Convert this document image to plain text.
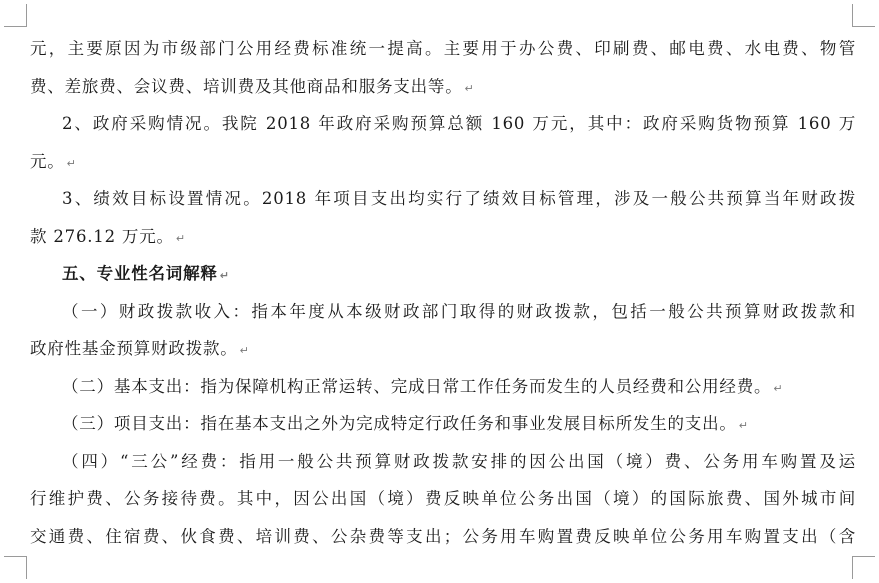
元，主要原因为市级部门公用经费标准统一提高。主要用于办公费、印刷费、邮电费、水电费、物管
费、差旅费、会议费、培训费及其他商品和服务支出等。 ↵
2、政府采购情况。我院 2018 年政府采购预算总额 160 万元，其中：政府采购货物预算 160 万
元。 ↵
3、绩效目标设置情况。2018 年项目支出均实行了绩效目标管理，涉及一般公共预算当年财政拨
款 276.12 万元。 ↵
五、专业性名词解释 ↵
（一）财政拨款收入：指本年度从本级财政部门取得的财政拨款，包括一般公共预算财政拨款和
政府性基金预算财政拨款。 ↵
（二）基本支出：指为保障机构正常运转、完成日常工作任务而发生的人员经费和公用经费。 ↵
（三）项目支出：指在基本支出之外为完成特定行政任务和事业发展目标所发生的支出。 ↵
（四）“三公”经费：指用一般公共预算财政拨款安排的因公出国（境）费、公务用车购置及运
行维护费、公务接待费。其中，因公出国（境）费反映单位公务出国（境）的国际旅费、国外城市间
交通费、住宿费、伙食费、培训费、公杂费等支出；公务用车购置费反映单位公务用车购置支出（含
